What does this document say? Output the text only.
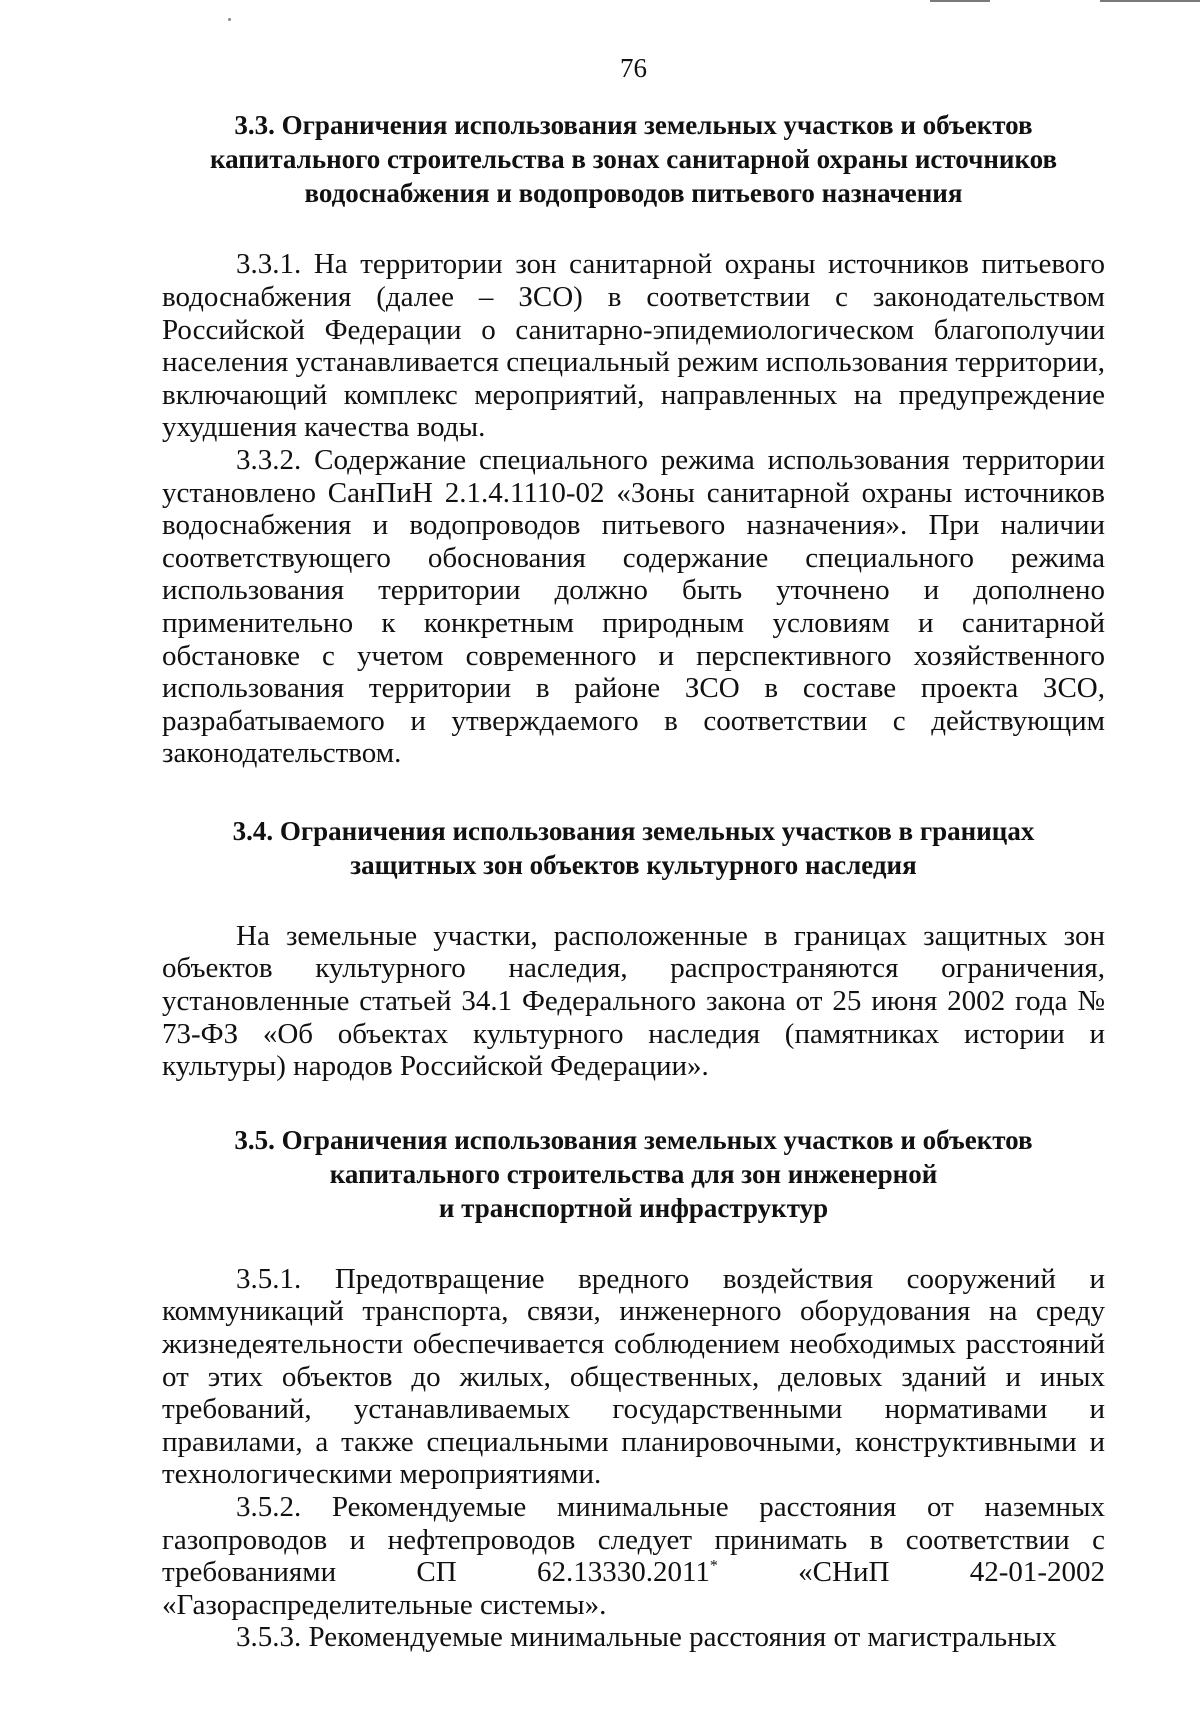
76
3.3. Ограничения использования земельных участков и объектов
капитального строительства в зонах санитарной охраны источников
водоснабжения и водопроводов питьевого назначения

3.3.1. На территории зон санитарной охраны источников питьевого водоснабжения (далее – ЗСО) в соответствии с законодательством Российской Федерации о санитарно-эпидемиологическом благополучии населения устанавливается специальный режим использования территории, включающий комплекс мероприятий, направленных на предупреждение ухудшения качества воды.

3.3.2. Содержание специального режима использования территории установлено СанПиН 2.1.4.1110-02 «Зоны санитарной охраны источников водоснабжения и водопроводов питьевого назначения». При наличии соответствующего обоснования содержание специального режима использования территории должно быть уточнено и дополнено применительно к конкретным природным условиям и санитарной обстановке с учетом современного и перспективного хозяйственного использования территории в районе ЗСО в составе проекта ЗСО, разрабатываемого и утверждаемого в соответствии с действующим законодательством.

3.4. Ограничения использования земельных участков в границах
защитных зон объектов культурного наследия

На земельные участки, расположенные в границах защитных зон объектов культурного наследия, распространяются ограничения, установленные статьей 34.1 Федерального закона от 25 июня 2002 года № 73-ФЗ «Об объектах культурного наследия (памятниках истории и культуры) народов Российской Федерации».

3.5. Ограничения использования земельных участков и объектов
капитального строительства для зон инженерной
и транспортной инфраструктур

3.5.1. Предотвращение вредного воздействия сооружений и коммуникаций транспорта, связи, инженерного оборудования на среду жизнедеятельности обеспечивается соблюдением необходимых расстояний от этих объектов до жилых, общественных, деловых зданий и иных требований, устанавливаемых государственными нормативами и правилами, а также специальными планировочными, конструктивными и технологическими мероприятиями.

3.5.2. Рекомендуемые минимальные расстояния от наземных газопроводов и нефтепроводов следует принимать в соответствии с требованиями СП 62.13330.2011* «СНиП 42-01-2002 «Газораспределительные системы».

3.5.3. Рекомендуемые минимальные расстояния от магистральных
